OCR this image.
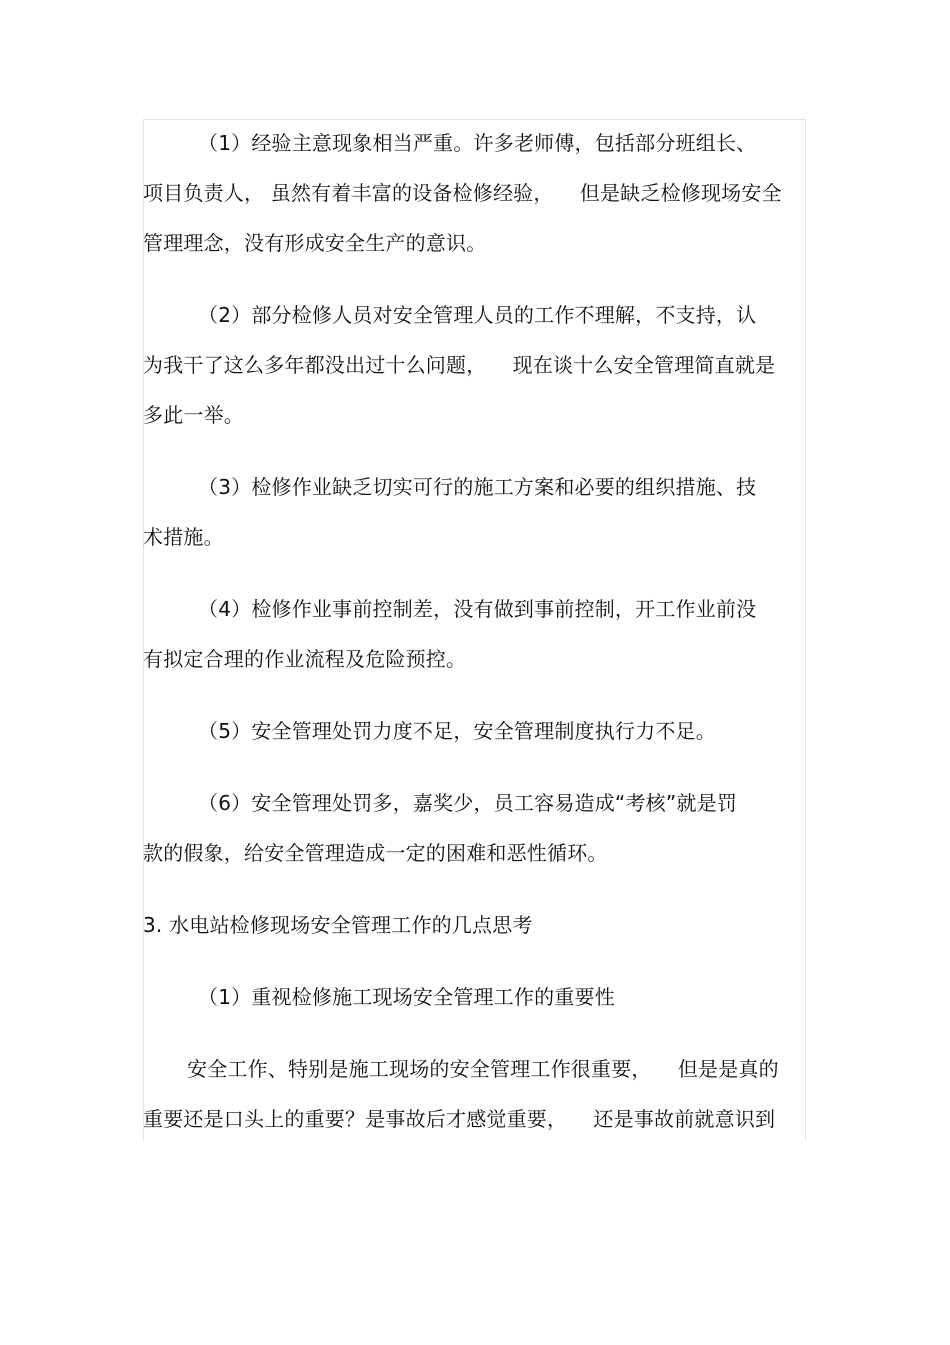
（1）经验主意现象相当严重。许多老师傅，包括部分班组长、
项目负责人， 虽然有着丰富的设备检修经验，    但是缺乏检修现场安全
管理理念，没有形成安全生产的意识。
（2）部分检修人员对安全管理人员的工作不理解，不支持，认
为我干了这么多年都没出过十么问题，    现在谈十么安全管理简直就是
多此一举。
（3）检修作业缺乏切实可行的施工方案和必要的组织措施、技
术措施。
（4）检修作业事前控制差，没有做到事前控制，开工作业前没
有拟定合理的作业流程及危险预控。
（5）安全管理处罚力度不足，安全管理制度执行力不足。
（6）安全管理处罚多，嘉奖少，员工容易造成“考核”就是罚
款的假象，给安全管理造成一定的困难和恶性循环。
3. 水电站检修现场安全管理工作的几点思考
（1）重视检修施工现场安全管理工作的重要性
安全工作、特别是施工现场的安全管理工作很重要，    但是是真的
重要还是口头上的重要？是事故后才感觉重要，    还是事故前就意识到
